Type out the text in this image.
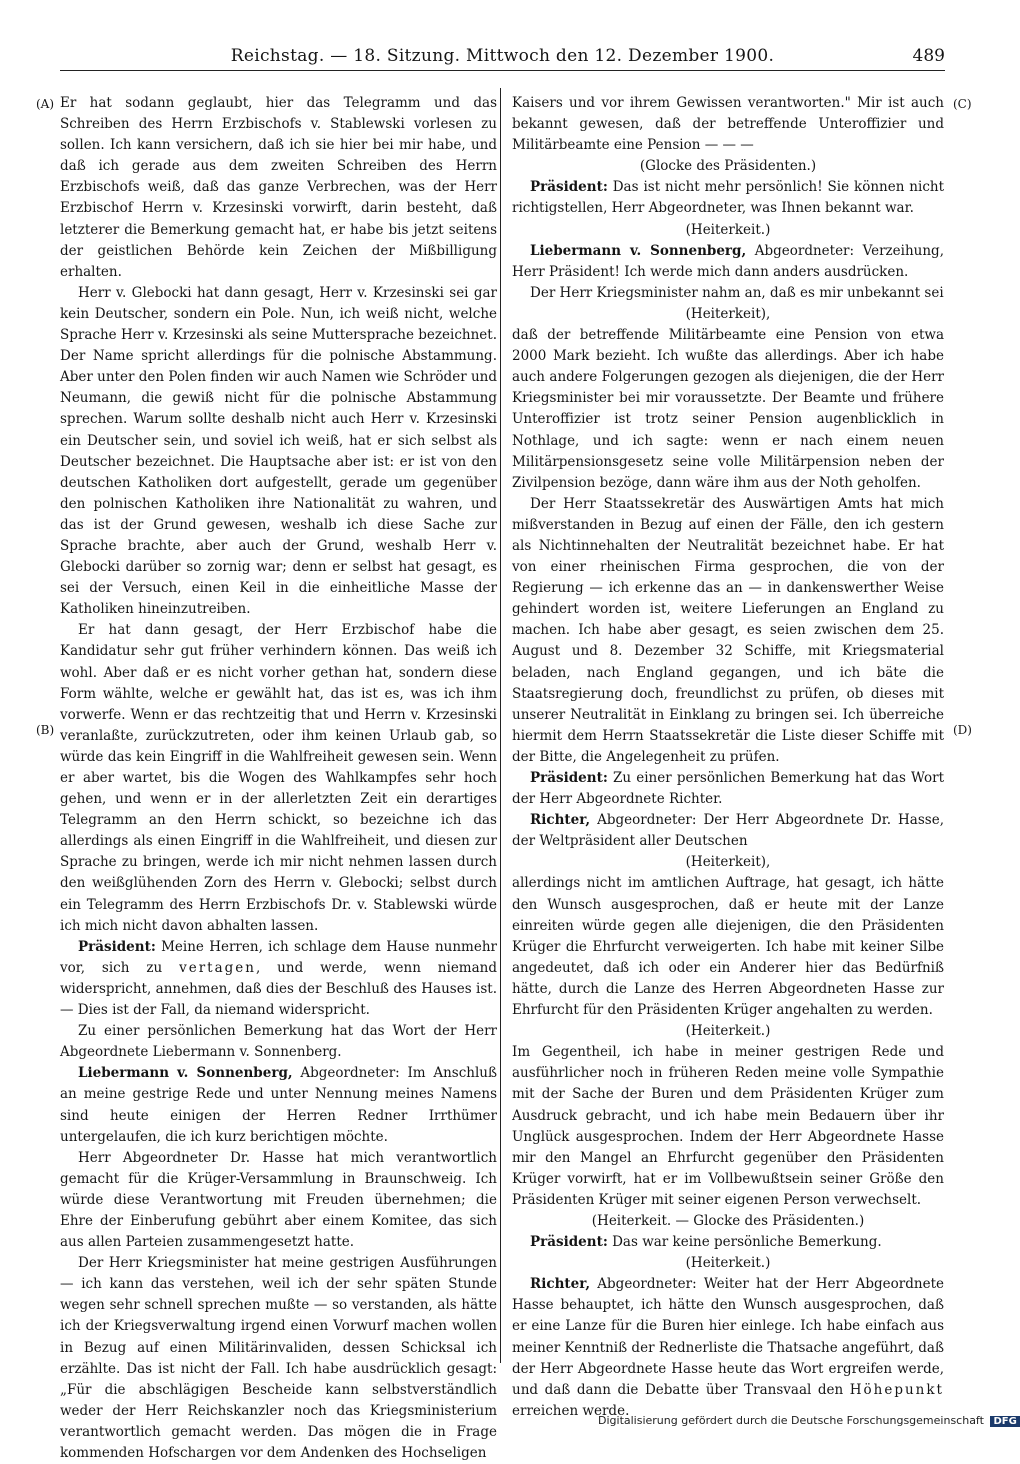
Reichstag. — 18. Sitzung. Mittwoch den 12. Dezember 1900.	489
(A)
(B)
(C)
(D)

Er hat sodann geglaubt, hier das Telegramm und das Schreiben des Herrn Erzbischofs v. Stablewski vorlesen zu sollen. Ich kann versichern, daß ich sie hier bei mir habe, und daß ich gerade aus dem zweiten Schreiben des Herrn Erzbischofs weiß, daß das ganze Verbrechen, was der Herr Erzbischof Herrn v. Krzesinski vorwirft, darin besteht, daß letzterer die Bemerkung gemacht hat, er habe bis jetzt seitens der geistlichen Behörde kein Zeichen der Mißbilligung erhalten.

Herr v. Glebocki hat dann gesagt, Herr v. Krzesinski sei gar kein Deutscher, sondern ein Pole. Nun, ich weiß nicht, welche Sprache Herr v. Krzesinski als seine Muttersprache bezeichnet. Der Name spricht allerdings für die polnische Abstammung. Aber unter den Polen finden wir auch Namen wie Schröder und Neumann, die gewiß nicht für die polnische Abstammung sprechen. Warum sollte deshalb nicht auch Herr v. Krzesinski ein Deutscher sein, und soviel ich weiß, hat er sich selbst als Deutscher bezeichnet. Die Hauptsache aber ist: er ist von den deutschen Katholiken dort aufgestellt, gerade um gegenüber den polnischen Katholiken ihre Nationalität zu wahren, und das ist der Grund gewesen, weshalb ich diese Sache zur Sprache brachte, aber auch der Grund, weshalb Herr v. Glebocki darüber so zornig war; denn er selbst hat gesagt, es sei der Versuch, einen Keil in die einheitliche Masse der Katholiken hineinzutreiben.

Er hat dann gesagt, der Herr Erzbischof habe die Kandidatur sehr gut früher verhindern können. Das weiß ich wohl. Aber daß er es nicht vorher gethan hat, sondern diese Form wählte, welche er gewählt hat, das ist es, was ich ihm vorwerfe. Wenn er das rechtzeitig that und Herrn v. Krzesinski veranlaßte, zurückzutreten, oder ihm keinen Urlaub gab, so würde das kein Eingriff in die Wahlfreiheit gewesen sein. Wenn er aber wartet, bis die Wogen des Wahlkampfes sehr hoch gehen, und wenn er in der allerletzten Zeit ein derartiges Telegramm an den Herrn schickt, so bezeichne ich das allerdings als einen Eingriff in die Wahlfreiheit, und diesen zur Sprache zu bringen, werde ich mir nicht nehmen lassen durch den weißglühenden Zorn des Herrn v. Glebocki; selbst durch ein Telegramm des Herrn Erzbischofs Dr. v. Stablewski würde ich mich nicht davon abhalten lassen.

Präsident: Meine Herren, ich schlage dem Hause nunmehr vor, sich zu vertagen, und werde, wenn niemand widerspricht, annehmen, daß dies der Beschluß des Hauses ist. — Dies ist der Fall, da niemand widerspricht.

Zu einer persönlichen Bemerkung hat das Wort der Herr Abgeordnete Liebermann v. Sonnenberg.

Liebermann v. Sonnenberg, Abgeordneter: Im Anschluß an meine gestrige Rede und unter Nennung meines Namens sind heute einigen der Herren Redner Irrthümer untergelaufen, die ich kurz berichtigen möchte.

Herr Abgeordneter Dr. Hasse hat mich verantwortlich gemacht für die Krüger-Versammlung in Braunschweig. Ich würde diese Verantwortung mit Freuden übernehmen; die Ehre der Einberufung gebührt aber einem Komitee, das sich aus allen Parteien zusammengesetzt hatte.

Der Herr Kriegsminister hat meine gestrigen Ausführungen — ich kann das verstehen, weil ich der sehr späten Stunde wegen sehr schnell sprechen mußte — so verstanden, als hätte ich der Kriegsverwaltung irgend einen Vorwurf machen wollen in Bezug auf einen Militärinvaliden, dessen Schicksal ich erzählte. Das ist nicht der Fall. Ich habe ausdrücklich gesagt: „Für die abschlägigen Bescheide kann selbstverständlich weder der Herr Reichskanzler noch das Kriegsministerium verantwortlich gemacht werden. Das mögen die in Frage kommenden Hofschargen vor dem Andenken des Hochseligen

Kaisers und vor ihrem Gewissen verantworten." Mir ist auch bekannt gewesen, daß der betreffende Unteroffizier und Militärbeamte eine Pension — — —

(Glocke des Präsidenten.)

Präsident: Das ist nicht mehr persönlich! Sie können nicht richtigstellen, Herr Abgeordneter, was Ihnen bekannt war.

(Heiterkeit.)

Liebermann v. Sonnenberg, Abgeordneter: Verzeihung, Herr Präsident! Ich werde mich dann anders ausdrücken.

Der Herr Kriegsminister nahm an, daß es mir unbekannt sei

(Heiterkeit),

daß der betreffende Militärbeamte eine Pension von etwa 2000 Mark bezieht. Ich wußte das allerdings. Aber ich habe auch andere Folgerungen gezogen als diejenigen, die der Herr Kriegsminister bei mir voraussetzte. Der Beamte und frühere Unteroffizier ist trotz seiner Pension augenblicklich in Nothlage, und ich sagte: wenn er nach einem neuen Militärpensionsgesetz seine volle Militärpension neben der Zivilpension bezöge, dann wäre ihm aus der Noth geholfen.

Der Herr Staatssekretär des Auswärtigen Amts hat mich mißverstanden in Bezug auf einen der Fälle, den ich gestern als Nichtinnehalten der Neutralität bezeichnet habe. Er hat von einer rheinischen Firma gesprochen, die von der Regierung — ich erkenne das an — in dankenswerther Weise gehindert worden ist, weitere Lieferungen an England zu machen. Ich habe aber gesagt, es seien zwischen dem 25. August und 8. Dezember 32 Schiffe, mit Kriegsmaterial beladen, nach England gegangen, und ich bäte die Staatsregierung doch, freundlichst zu prüfen, ob dieses mit unserer Neutralität in Einklang zu bringen sei. Ich überreiche hiermit dem Herrn Staatssekretär die Liste dieser Schiffe mit der Bitte, die Angelegenheit zu prüfen.

Präsident: Zu einer persönlichen Bemerkung hat das Wort der Herr Abgeordnete Richter.

Richter, Abgeordneter: Der Herr Abgeordnete Dr. Hasse, der Weltpräsident aller Deutschen

(Heiterkeit),

allerdings nicht im amtlichen Auftrage, hat gesagt, ich hätte den Wunsch ausgesprochen, daß er heute mit der Lanze einreiten würde gegen alle diejenigen, die den Präsidenten Krüger die Ehrfurcht verweigerten. Ich habe mit keiner Silbe angedeutet, daß ich oder ein Anderer hier das Bedürfniß hätte, durch die Lanze des Herren Abgeordneten Hasse zur Ehrfurcht für den Präsidenten Krüger angehalten zu werden.

(Heiterkeit.)

Im Gegentheil, ich habe in meiner gestrigen Rede und ausführlicher noch in früheren Reden meine volle Sympathie mit der Sache der Buren und dem Präsidenten Krüger zum Ausdruck gebracht, und ich habe mein Bedauern über ihr Unglück ausgesprochen. Indem der Herr Abgeordnete Hasse mir den Mangel an Ehrfurcht gegenüber den Präsidenten Krüger vorwirft, hat er im Vollbewußtsein seiner Größe den Präsidenten Krüger mit seiner eigenen Person verwechselt.

(Heiterkeit. — Glocke des Präsidenten.)

Präsident: Das war keine persönliche Bemerkung.

(Heiterkeit.)

Richter, Abgeordneter: Weiter hat der Herr Abgeordnete Hasse behauptet, ich hätte den Wunsch ausgesprochen, daß er eine Lanze für die Buren hier einlege. Ich habe einfach aus meiner Kenntniß der Rednerliste die Thatsache angeführt, daß der Herr Abgeordnete Hasse heute das Wort ergreifen werde, und daß dann die Debatte über Transvaal den Höhepunkt erreichen werde.

Digitalisierung gefördert durch die Deutsche Forschungsgemeinschaft DFG
